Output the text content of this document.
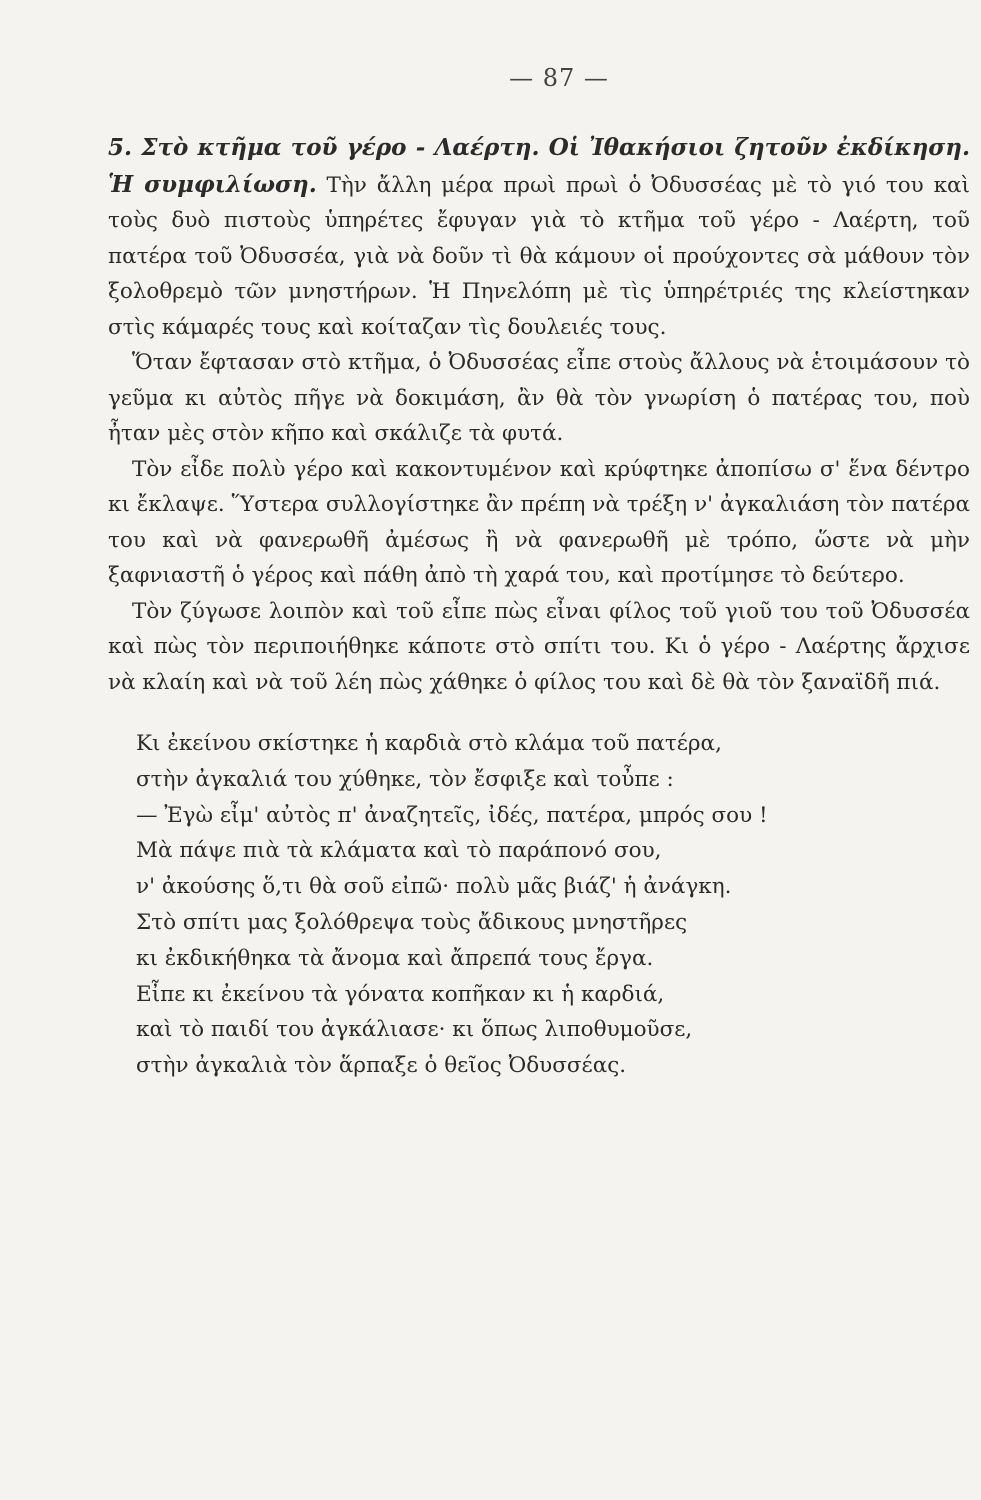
— 87 —

5. Στὸ κτῆμα τοῦ γέρο - Λαέρτη. Οἱ Ἰθακήσιοι ζητοῦν ἐκδίκηση. Ἡ συμφιλίωση. Τὴν ἄλλη μέρα πρωὶ πρωὶ ὁ Ὀδυσσέας μὲ τὸ γιό του καὶ τοὺς δυὸ πιστοὺς ὑπηρέτες ἔφυγαν γιὰ τὸ κτῆμα τοῦ γέρο - Λαέρτη, τοῦ πατέρα τοῦ Ὀδυσσέα, γιὰ νὰ δοῦν τὶ θὰ κάμουν οἱ προύχοντες σὰ μάθουν τὸν ξολοθρεμὸ τῶν μνηστήρων. Ἡ Πηνελόπη μὲ τὶς ὑπηρέτριές της κλείστηκαν στὶς κάμαρές τους καὶ κοίταζαν τὶς δουλειές τους.

Ὅταν ἔφτασαν στὸ κτῆμα, ὁ Ὀδυσσέας εἶπε στοὺς ἄλλους νὰ ἑτοιμάσουν τὸ γεῦμα κι αὐτὸς πῆγε νὰ δοκιμάση, ἂν θὰ τὸν γνωρίση ὁ πατέρας του, ποὺ ἦταν μὲς στὸν κῆπο καὶ σκάλιζε τὰ φυτά.

Τὸν εἶδε πολὺ γέρο καὶ κακοντυμένον καὶ κρύφτηκε ἀποπίσω σ' ἕνα δέντρο κι ἔκλαψε. Ὕστερα συλλογίστηκε ἂν πρέπη νὰ τρέξη ν' ἀγκαλιάση τὸν πατέρα του καὶ νὰ φανερωθῆ ἀμέσως ἢ νὰ φανερωθῆ μὲ τρόπο, ὥστε νὰ μὴν ξαφνιαστῆ ὁ γέρος καὶ πάθη ἀπὸ τὴ χαρά του, καὶ προτίμησε τὸ δεύτερο.

Τὸν ζύγωσε λοιπὸν καὶ τοῦ εἶπε πὼς εἶναι φίλος τοῦ γιοῦ του τοῦ Ὀδυσσέα καὶ πὼς τὸν περιποιήθηκε κάποτε στὸ σπίτι του. Κι ὁ γέρο - Λαέρτης ἄρχισε νὰ κλαίη καὶ νὰ τοῦ λέη πὼς χάθηκε ὁ φίλος του καὶ δὲ θὰ τὸν ξαναϊδῆ πιά.

Κι ἐκείνου σκίστηκε ἡ καρδιὰ στὸ κλάμα τοῦ πατέρα,
στὴν ἀγκαλιά του χύθηκε, τὸν ἔσφιξε καὶ τοὖπε :
— Ἐγὼ εἶμ' αὐτὸς π' ἀναζητεῖς, ἰδές, πατέρα, μπρός σου !
Μὰ πάψε πιὰ τὰ κλάματα καὶ τὸ παράπονό σου,
ν' ἀκούσης ὅ,τι θὰ σοῦ εἰπῶ· πολὺ μᾶς βιάζ' ἡ ἀνάγκη.
Στὸ σπίτι μας ξολόθρεψα τοὺς ἄδικους μνηστῆρες
κι ἐκδικήθηκα τὰ ἄνομα καὶ ἄπρεπά τους ἔργα.
Εἶπε κι ἐκείνου τὰ γόνατα κοπῆκαν κι ἡ καρδιά,
καὶ τὸ παιδί του ἀγκάλιασε· κι ὅπως λιποθυμοῦσε,
στὴν ἀγκαλιὰ τὸν ἅρπαξε ὁ θεῖος Ὀδυσσέας.
